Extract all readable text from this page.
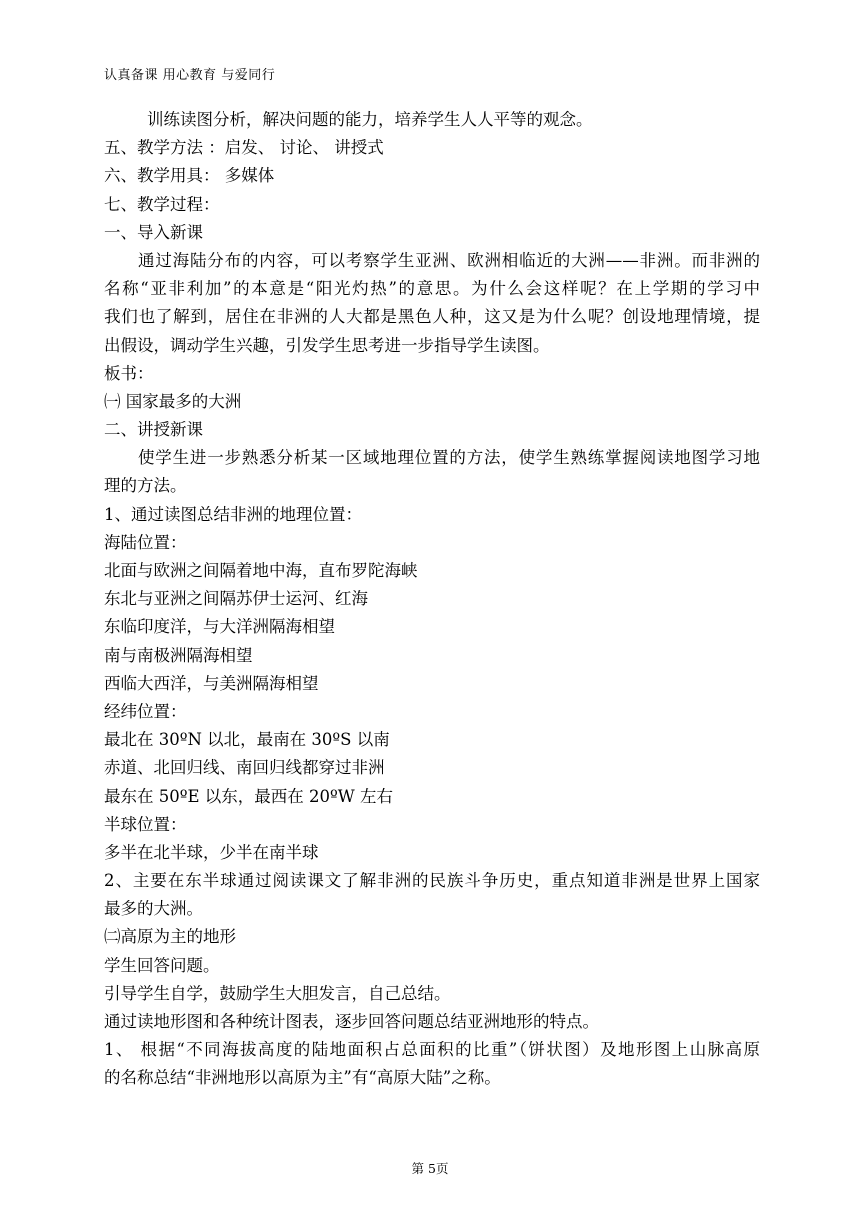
认真备课 用心教育 与爱同行
训练读图分析，解决问题的能力，培养学生人人平等的观念。
五、教学方法 ：启发、 讨论、 讲授式
六、教学用具： 多媒体
七、教学过程：
一、导入新课
通过海陆分布的内容，可以考察学生亚洲、欧洲相临近的大洲——非洲。而非洲的
名称“亚非利加”的本意是“阳光灼热”的意思。为什么会这样呢？在上学期的学习中
我们也了解到，居住在非洲的人大都是黑色人种，这又是为什么呢？创设地理情境，提
出假设，调动学生兴趣，引发学生思考进一步指导学生读图。
板书：
㈠ 国家最多的大洲
二、讲授新课
使学生进一步熟悉分析某一区域地理位置的方法，使学生熟练掌握阅读地图学习地
理的方法。
1、通过读图总结非洲的地理位置：
海陆位置：
北面与欧洲之间隔着地中海，直布罗陀海峡
东北与亚洲之间隔苏伊士运河、红海
东临印度洋，与大洋洲隔海相望
南与南极洲隔海相望
西临大西洋，与美洲隔海相望
经纬位置：
最北在 30ºN 以北，最南在 30ºS 以南
赤道、北回归线、南回归线都穿过非洲
最东在 50ºE 以东，最西在 20ºW 左右
半球位置：
多半在北半球，少半在南半球
2、主要在东半球通过阅读课文了解非洲的民族斗争历史，重点知道非洲是世界上国家
最多的大洲。
㈡高原为主的地形
学生回答问题。
引导学生自学，鼓励学生大胆发言，自己总结。
通过读地形图和各种统计图表，逐步回答问题总结亚洲地形的特点。
1、 根据“不同海拔高度的陆地面积占总面积的比重”（饼状图）及地形图上山脉高原
的名称总结“非洲地形以高原为主”有“高原大陆”之称。
第 5页
